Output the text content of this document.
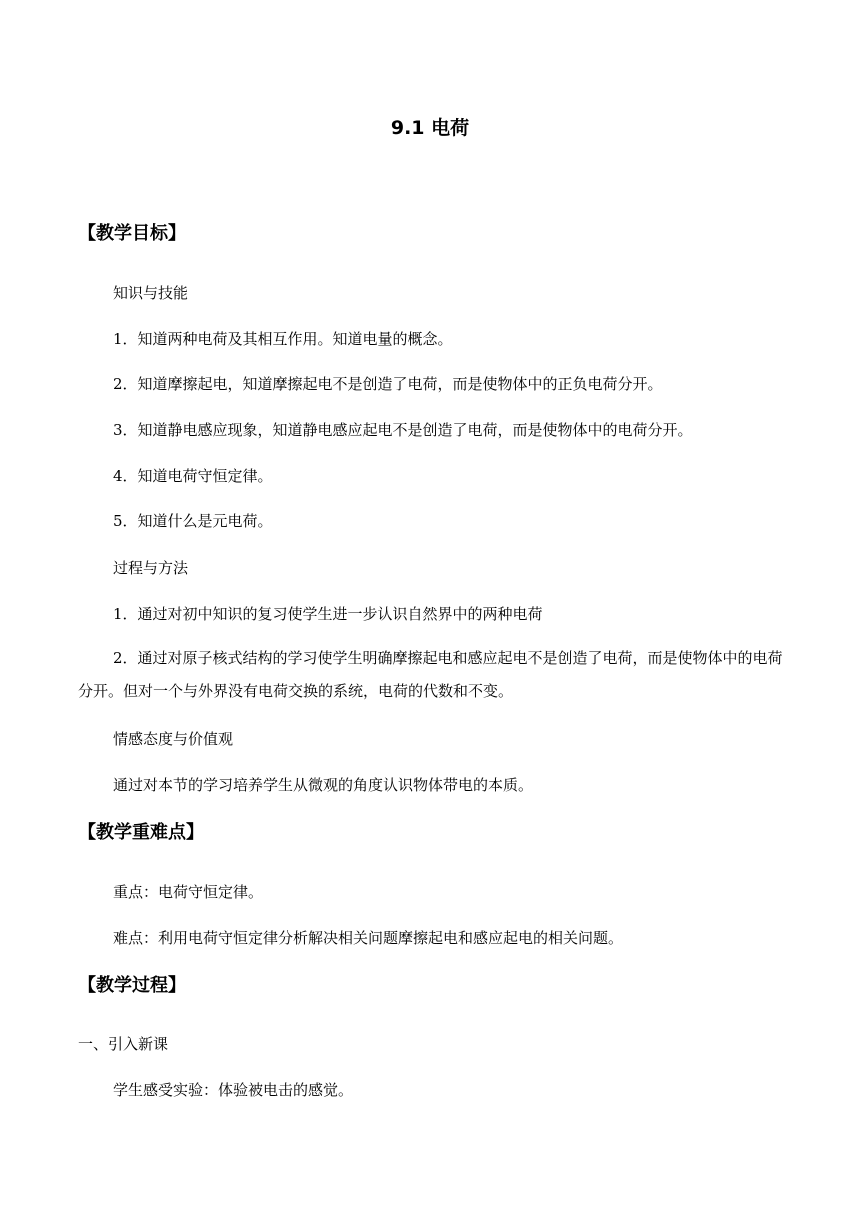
9.1 电荷
【教学目标】
知识与技能
1．知道两种电荷及其相互作用。知道电量的概念。
2．知道摩擦起电，知道摩擦起电不是创造了电荷，而是使物体中的正负电荷分开。
3．知道静电感应现象，知道静电感应起电不是创造了电荷，而是使物体中的电荷分开。
4．知道电荷守恒定律。
5．知道什么是元电荷。
过程与方法
1．通过对初中知识的复习使学生进一步认识自然界中的两种电荷
2．通过对原子核式结构的学习使学生明确摩擦起电和感应起电不是创造了电荷，而是使物体中的电荷分开。但对一个与外界没有电荷交换的系统，电荷的代数和不变。
情感态度与价值观
通过对本节的学习培养学生从微观的角度认识物体带电的本质。
【教学重难点】
重点：电荷守恒定律。
难点：利用电荷守恒定律分析解决相关问题摩擦起电和感应起电的相关问题。
【教学过程】
一、引入新课
学生感受实验：体验被电击的感觉。
